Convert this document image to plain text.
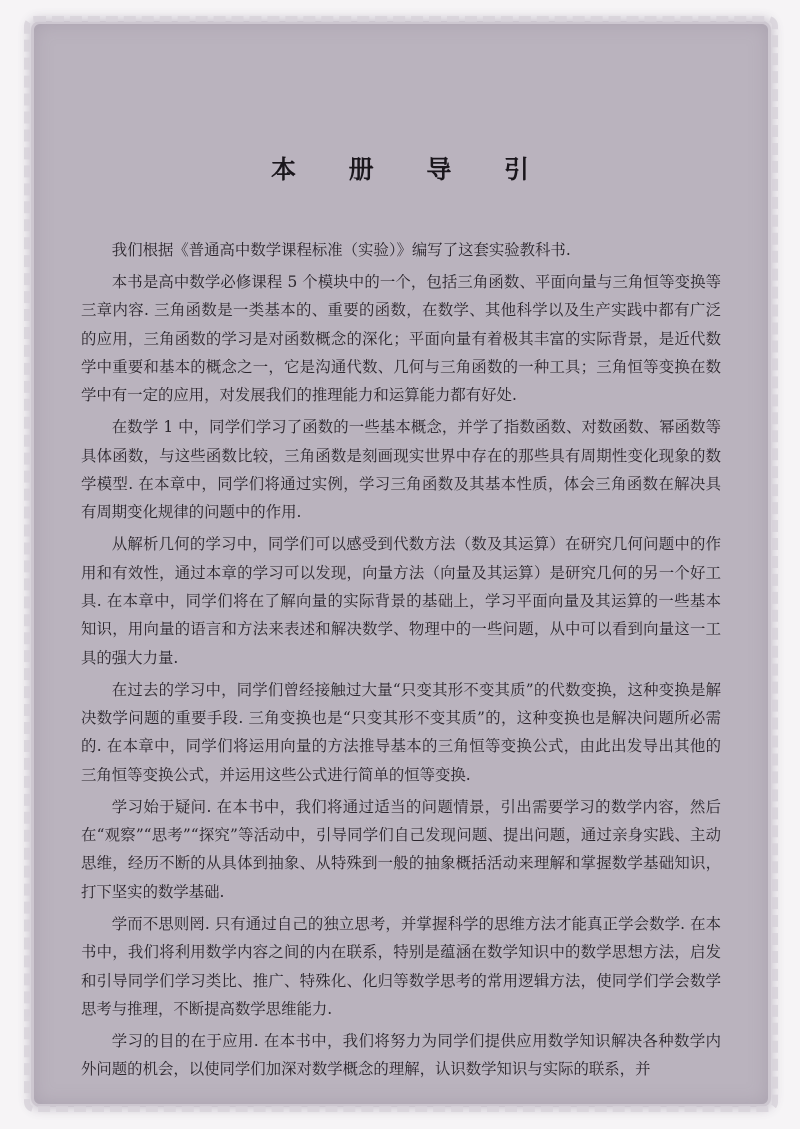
本 册 导 引

我们根据《普通高中数学课程标准（实验）》编写了这套实验教科书.

本书是高中数学必修课程 5 个模块中的一个，包括三角函数、平面向量与三角恒等变换等三章内容. 三角函数是一类基本的、重要的函数，在数学、其他科学以及生产实践中都有广泛的应用，三角函数的学习是对函数概念的深化；平面向量有着极其丰富的实际背景，是近代数学中重要和基本的概念之一，它是沟通代数、几何与三角函数的一种工具；三角恒等变换在数学中有一定的应用，对发展我们的推理能力和运算能力都有好处.

在数学 1 中，同学们学习了函数的一些基本概念，并学了指数函数、对数函数、幂函数等具体函数，与这些函数比较，三角函数是刻画现实世界中存在的那些具有周期性变化现象的数学模型. 在本章中，同学们将通过实例，学习三角函数及其基本性质，体会三角函数在解决具有周期变化规律的问题中的作用.

从解析几何的学习中，同学们可以感受到代数方法（数及其运算）在研究几何问题中的作用和有效性，通过本章的学习可以发现，向量方法（向量及其运算）是研究几何的另一个好工具. 在本章中，同学们将在了解向量的实际背景的基础上，学习平面向量及其运算的一些基本知识，用向量的语言和方法来表述和解决数学、物理中的一些问题，从中可以看到向量这一工具的强大力量.

在过去的学习中，同学们曾经接触过大量“只变其形不变其质”的代数变换，这种变换是解决数学问题的重要手段. 三角变换也是“只变其形不变其质”的，这种变换也是解决问题所必需的. 在本章中，同学们将运用向量的方法推导基本的三角恒等变换公式，由此出发导出其他的三角恒等变换公式，并运用这些公式进行简单的恒等变换.

学习始于疑问. 在本书中，我们将通过适当的问题情景，引出需要学习的数学内容，然后在“观察”“思考”“探究”等活动中，引导同学们自己发现问题、提出问题，通过亲身实践、主动思维，经历不断的从具体到抽象、从特殊到一般的抽象概括活动来理解和掌握数学基础知识，打下坚实的数学基础.

学而不思则罔. 只有通过自己的独立思考，并掌握科学的思维方法才能真正学会数学. 在本书中，我们将利用数学内容之间的内在联系，特别是蕴涵在数学知识中的数学思想方法，启发和引导同学们学习类比、推广、特殊化、化归等数学思考的常用逻辑方法，使同学们学会数学思考与推理，不断提高数学思维能力.

学习的目的在于应用. 在本书中，我们将努力为同学们提供应用数学知识解决各种数学内外问题的机会，以使同学们加深对数学概念的理解，认识数学知识与实际的联系，并
